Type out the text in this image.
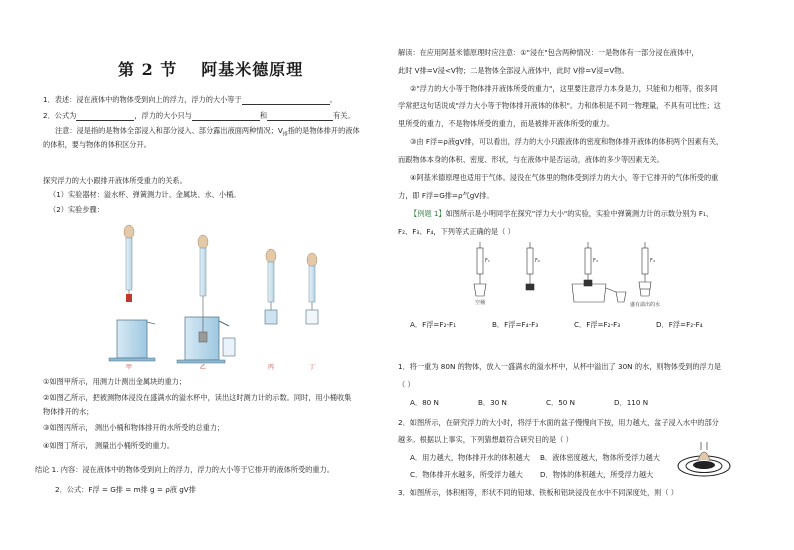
第 2 节 阿基米德原理
1．表述：浸在液体中的物体受到向上的浮力，浮力的大小等于	。
2．公式为	，浮力的大小只与	和	有关。
注意：浸是指的是物体全部浸入和部分浸入、部分露出液面两种情况；$V_排$指的是物体排开的液体
的体积，要与物体的体积区分开。
探究浮力的大小跟排开液体所受重力的关系。
（1）实验器材：溢水杯、弹簧测力计、金属块、水、小桶。
（2）实验步骤：
甲	乙	丙	丁
①如图甲所示，用测力计测出金属块的重力；
②如图乙所示，把被测物体浸没在盛满水的溢水杯中，读出这时测力计的示数。同时，用小桶收集
物体排开的水；
③如图丙所示， 测出小桶和物体排开的水所受的总重力；
④如图丁所示， 测量出小桶所受的重力。
结论 1. 内容：浸在液体中的物体受到向上的浮力，浮力的大小等于它排开的液体所受的重力。
2．公式：F浮 = G排 = m排 g = ρ液 gV排
解读：在应用阿基米德原理时应注意：①"浸在"包含两种情况：一是物体有一部分浸在液体中，
此时 V排=V浸<V物；二是物体全部浸入液体中，此时 V排=V浸=V物。
②"浮力的大小等于物体排开液体所受的重力"，这里要注意浮力本身是力，只能和力相等，很多同
学常把这句话说成"浮力大小等于物体排开液体的体积"。力和体积是不同一物理量，不具有可比性；这
里所受的重力，不是物体所受的重力，而是被排开液体所受的重力。
③由 F浮=ρ液gV排，可以看出，浮力的大小只跟液体的密度和物体排开液体的体积两个因素有关，
而跟物体本身的体积、密度、形状，与在液体中是否运动，液体的多少等因素无关。
④阿基米德原理也适用于气体。浸没在气体里的物体受到浮力的大小，等于它排开的气体所受的重
力，即 F浮=G排=ρ气gV排。
【例题 1】如图所示是小明同学在探究"浮力大小"的实验，实验中弹簧测力计的示数分别为 F₁、
F₂、F₃、F₄，下列等式正确的是（ ）
F₁	F₂	F₃	F₄
空桶	盛有溢出的水
A．F浮=F₂-F₁	B．F浮=F₄-F₃	C．F浮=F₂-F₃	D．F浮=F₂-F₄
1．将一重为 80N 的物体，放入一盛满水的溢水杯中，从杯中溢出了 30N 的水，则物体受到的浮力是
（ ）
A．80 N	B．30 N	C．50 N	D．110 N
2．如图所示，在研究浮力的大小时，将浮于水面的盆子慢慢向下按，用力越大，盆子浸入水中的部分
越多。根据以上事实，下列猜想最符合研究目的是（ ）
A．用力越大，物体排开水的体积越大 B．液体密度越大，物体所受浮力越大
C．物体排开水越多，所受浮力越大 D．物体的体积越大，所受浮力越大
3．如图所示，体积相等，形状不同的铅球、铁板和铝块浸没在水中不同深度处，则（ ）
